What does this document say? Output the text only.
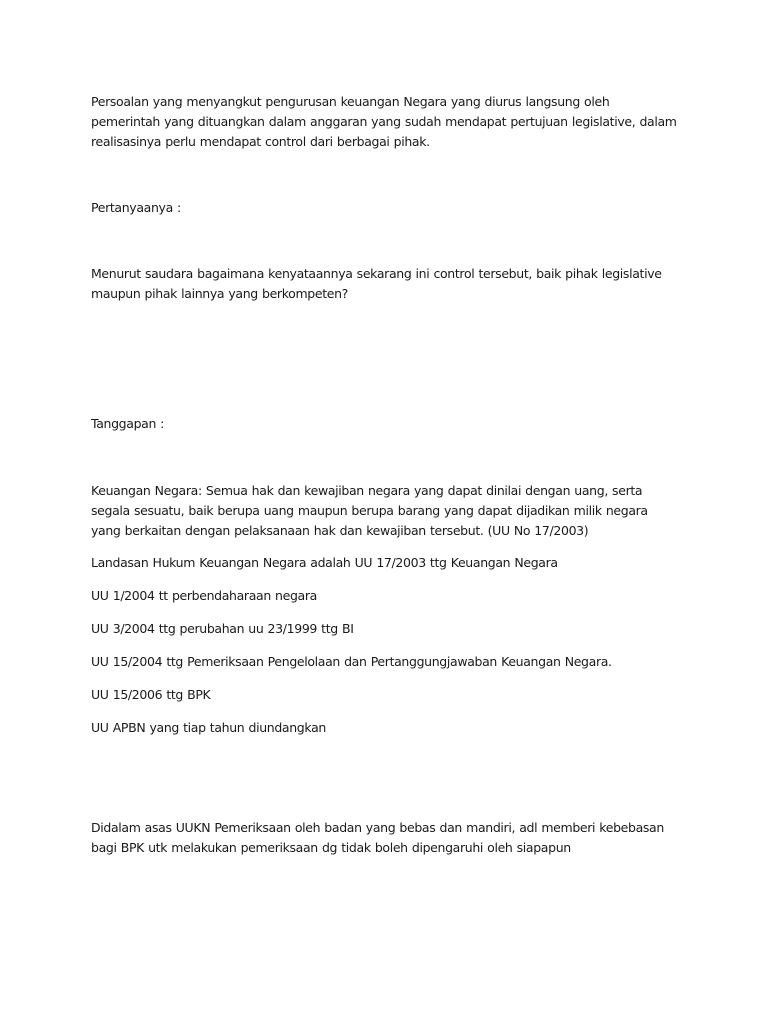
Persoalan yang menyangkut pengurusan keuangan Negara yang diurus langsung oleh pemerintah yang dituangkan dalam anggaran yang sudah mendapat pertujuan legislative, dalam realisasinya perlu mendapat control dari berbagai pihak.

Pertanyaanya :

Menurut saudara bagaimana kenyataannya sekarang ini control tersebut, baik pihak legislative maupun pihak lainnya yang berkompeten?

Tanggapan :

Keuangan Negara: Semua hak dan kewajiban negara yang dapat dinilai dengan uang, serta segala sesuatu, baik berupa uang maupun berupa barang yang dapat dijadikan milik negara yang berkaitan dengan pelaksanaan hak dan kewajiban tersebut. (UU No 17/2003)

Landasan Hukum Keuangan Negara adalah UU 17/2003 ttg Keuangan Negara

UU 1/2004 tt perbendaharaan negara

UU 3/2004 ttg perubahan uu 23/1999 ttg BI

UU 15/2004 ttg Pemeriksaan Pengelolaan dan Pertanggungjawaban Keuangan Negara.

UU 15/2006 ttg BPK

UU APBN yang tiap tahun diundangkan

Didalam asas UUKN Pemeriksaan oleh badan yang bebas dan mandiri, adl memberi kebebasan bagi BPK utk melakukan pemeriksaan dg tidak boleh dipengaruhi oleh siapapun
